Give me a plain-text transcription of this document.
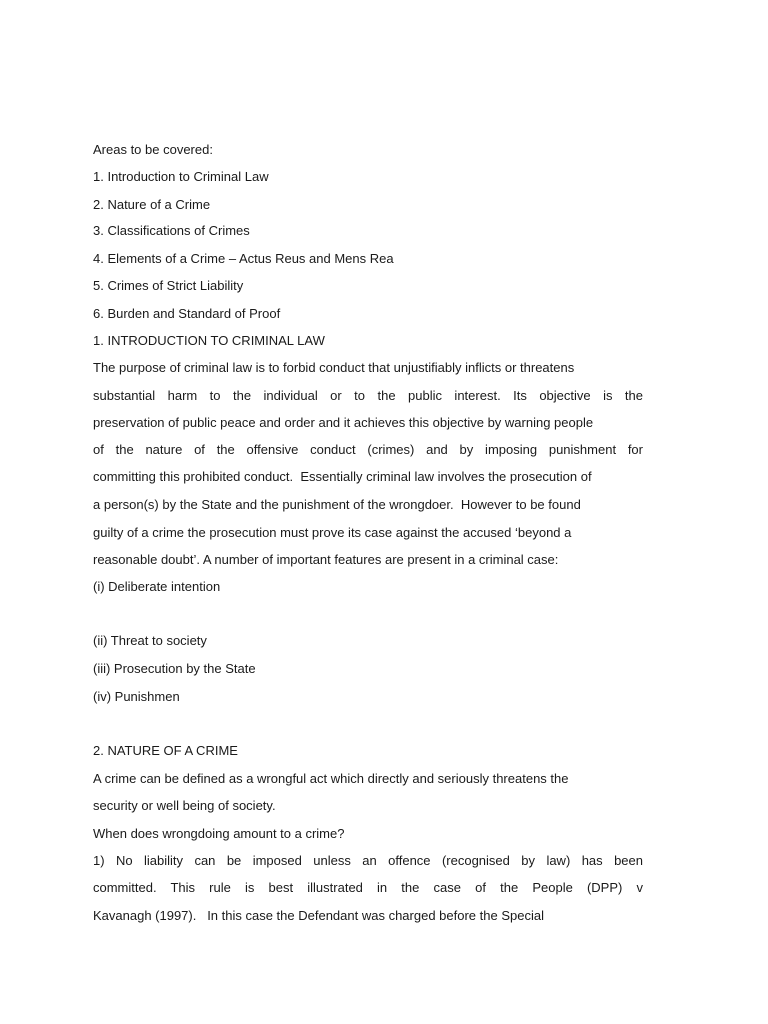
Areas to be covered:
1. Introduction to Criminal Law
2. Nature of a Crime
3. Classifications of Crimes
4. Elements of a Crime – Actus Reus and Mens Rea
5. Crimes of Strict Liability
6. Burden and Standard of Proof
1. INTRODUCTION TO CRIMINAL LAW
The purpose of criminal law is to forbid conduct that unjustifiably inflicts or threatens
substantial harm to the individual or to the public interest. Its objective is the
preservation of public peace and order and it achieves this objective by warning people
of the nature of the offensive conduct (crimes) and by imposing punishment for
committing this prohibited conduct.  Essentially criminal law involves the prosecution of
a person(s) by the State and the punishment of the wrongdoer.  However to be found
guilty of a crime the prosecution must prove its case against the accused ‘beyond a
reasonable doubt’. A number of important features are present in a criminal case:
(i) Deliberate intention
(ii) Threat to society
(iii) Prosecution by the State
(iv) Punishmen
2. NATURE OF A CRIME
A crime can be defined as a wrongful act which directly and seriously threatens the
security or well being of society.
When does wrongdoing amount to a crime?
1) No liability can be imposed unless an offence (recognised by law) has been
committed. This rule is best illustrated in the case of the People (DPP) v
Kavanagh (1997).   In this case the Defendant was charged before the Special
